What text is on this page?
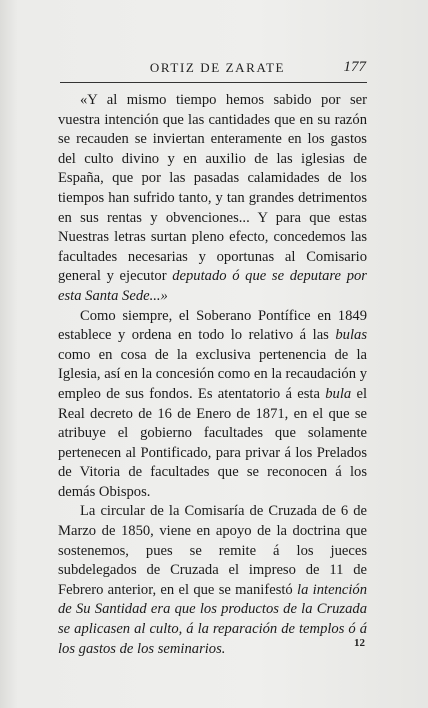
ORTIZ DE ZARATE	177

«Y al mismo tiempo hemos sabido por ser vuestra intención que las cantidades que en su razón se recauden se inviertan enteramente en los gastos del culto divino y en auxilio de las iglesias de España, que por las pasadas calamidades de los tiempos han sufrido tanto, y tan grandes detrimentos en sus rentas y obvenciones... Y para que estas Nuestras letras surtan pleno efecto, concedemos las facultades necesarias y oportunas al Comisario general y ejecutor deputado ó que se deputare por esta Santa Sede...»

Como siempre, el Soberano Pontífice en 1849 establece y ordena en todo lo relativo á las bulas como en cosa de la exclusiva pertenencia de la Iglesia, así en la concesión como en la recaudación y empleo de sus fondos. Es atentatorio á esta bula el Real decreto de 16 de Enero de 1871, en el que se atribuye el gobierno facultades que solamente pertenecen al Pontificado, para privar á los Prelados de Vitoria de facultades que se reconocen á los demás Obispos.

La circular de la Comisaría de Cruzada de 6 de Marzo de 1850, viene en apoyo de la doctrina que sostenemos, pues se remite á los jueces subdelegados de Cruzada el impreso de 11 de Febrero anterior, en el que se manifestó la intención de Su Santidad era que los productos de la Cruzada se aplicasen al culto, á la reparación de templos ó á los gastos de los seminarios.	12
